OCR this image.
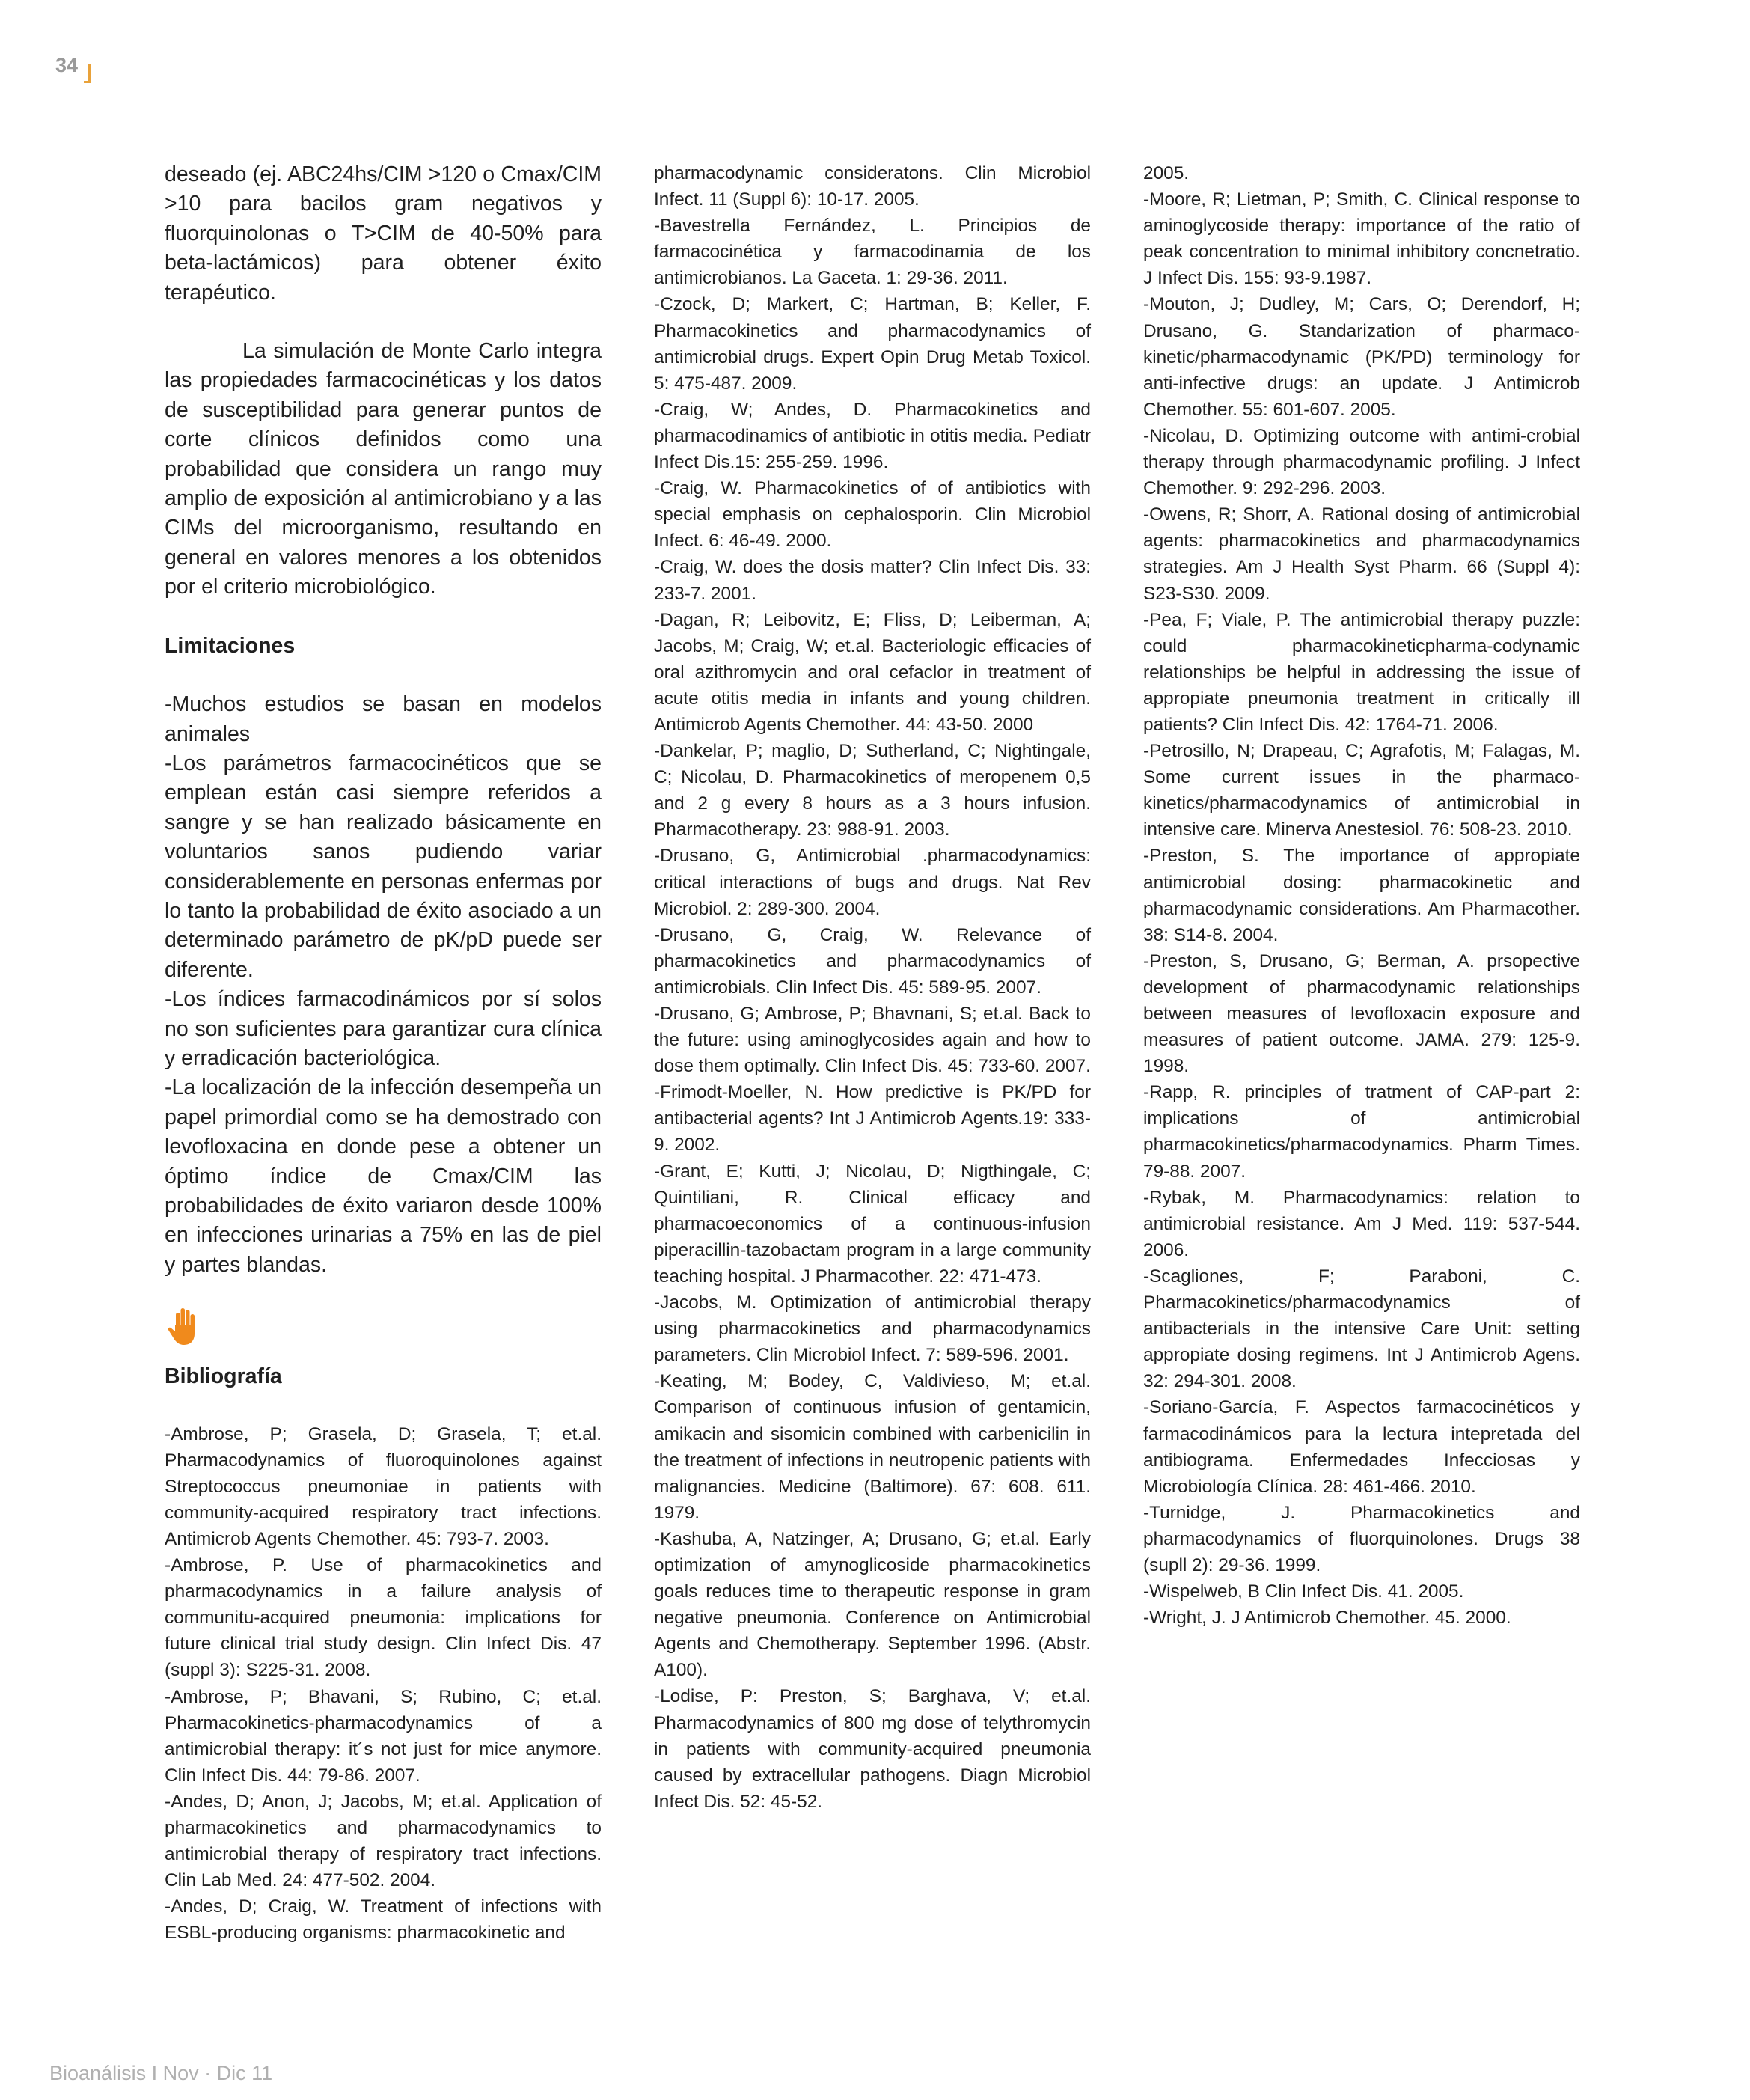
34

deseado (ej. ABC24hs/CIM >120 o Cmax/CIM >10 para bacilos gram negativos y fluorquinolonas o T>CIM de 40-50% para beta-lactámicos) para obtener éxito terapéutico.

La simulación de Monte Carlo integra las propiedades farmacocinéticas y los datos de susceptibilidad para generar puntos de corte clínicos definidos como una probabilidad que considera un rango muy amplio de exposición al antimicrobiano y a las CIMs del microorganismo, resultando en general en valores menores a los obtenidos por el criterio microbiológico.

Limitaciones

-Muchos estudios se basan en modelos animales

-Los parámetros farmacocinéticos que se emplean están casi siempre referidos a sangre y se han realizado básicamente en voluntarios sanos pudiendo variar considerablemente en personas enfermas por lo tanto la probabilidad de éxito asociado a un determinado parámetro de pK/pD puede ser diferente.

-Los índices farmacodinámicos por sí solos no son suficientes para garantizar cura clínica y erradicación bacteriológica.

-La localización de la infección desempeña un papel primordial como se ha demostrado con levofloxacina en donde pese a obtener un óptimo índice de Cmax/CIM las probabilidades de éxito variaron desde 100% en infecciones urinarias a 75% en las de piel y partes blandas.

Bibliografía

-Ambrose, P; Grasela, D; Grasela, T; et.al. Pharmacodynamics of fluoroquinolones against Streptococcus pneumoniae in patients with community-acquired respiratory tract infections. Antimicrob Agents Chemother. 45: 793-7. 2003.

-Ambrose, P. Use of pharmacokinetics and pharmacodynamics in a failure analysis of communitu-acquired pneumonia: implications for future clinical trial study design. Clin Infect Dis. 47 (suppl 3): S225-31. 2008.

-Ambrose, P; Bhavani, S; Rubino, C; et.al. Pharmacokinetics-pharmacodynamics of a antimicrobial therapy: it´s not just for mice anymore. Clin Infect Dis. 44: 79-86. 2007.

-Andes, D; Anon, J; Jacobs, M; et.al. Application of pharmacokinetics and pharmacodynamics to antimicrobial therapy of respiratory tract infections. Clin Lab Med. 24: 477-502. 2004.

-Andes, D; Craig, W. Treatment of infections with ESBL-producing organisms: pharmacokinetic and

pharmacodynamic consideratons. Clin Microbiol Infect. 11 (Suppl 6): 10-17. 2005.

-Bavestrella Fernández, L. Principios de farmacocinética y farmacodinamia de los antimicrobianos. La Gaceta. 1: 29-36. 2011.

-Czock, D; Markert, C; Hartman, B; Keller, F. Pharmacokinetics and pharmacodynamics of antimicrobial drugs. Expert Opin Drug Metab Toxicol. 5: 475-487. 2009.

-Craig, W; Andes, D. Pharmacokinetics and pharmacodinamics of antibiotic in otitis media. Pediatr Infect Dis.15: 255-259. 1996.

-Craig, W. Pharmacokinetics of of antibiotics with special emphasis on cephalosporin. Clin Microbiol Infect. 6: 46-49. 2000.

-Craig, W. does the dosis matter? Clin Infect Dis. 33: 233-7. 2001.

-Dagan, R; Leibovitz, E; Fliss, D; Leiberman, A; Jacobs, M; Craig, W; et.al. Bacteriologic efficacies of oral azithromycin and oral cefaclor in treatment of acute otitis media in infants and young children. Antimicrob Agents Chemother. 44: 43-50. 2000

-Dankelar, P; maglio, D; Sutherland, C; Nightingale, C; Nicolau, D. Pharmacokinetics of meropenem 0,5 and 2 g every 8 hours as a 3 hours infusion. Pharmacotherapy. 23: 988-91. 2003.

-Drusano, G, Antimicrobial .pharmacodynamics: critical interactions of bugs and drugs. Nat Rev Microbiol. 2: 289-300. 2004.

-Drusano, G, Craig, W. Relevance of pharmacokinetics and pharmacodynamics of antimicrobials. Clin Infect Dis. 45: 589-95. 2007.

-Drusano, G; Ambrose, P; Bhavnani, S; et.al. Back to the future: using aminoglycosides again and how to dose them optimally. Clin Infect Dis. 45: 733-60. 2007.

-Frimodt-Moeller, N. How predictive is PK/PD for antibacterial agents? Int J Antimicrob Agents.19: 333-9. 2002.

-Grant, E; Kutti, J; Nicolau, D; Nigthingale, C; Quintiliani, R. Clinical efficacy and pharmacoeconomics of a continuous-infusion piperacillin-tazobactam program in a large community teaching hospital. J Pharmacother. 22: 471-473.

-Jacobs, M. Optimization of antimicrobial therapy using pharmacokinetics and pharmacodynamics parameters. Clin Microbiol Infect. 7: 589-596. 2001.

-Keating, M; Bodey, C, Valdivieso, M; et.al. Comparison of continuous infusion of gentamicin, amikacin and sisomicin combined with carbenicilin in the treatment of infections in neutropenic patients with malignancies. Medicine (Baltimore). 67: 608. 611. 1979.

-Kashuba, A, Natzinger, A; Drusano, G; et.al. Early optimization of amynoglicoside pharmacokinetics goals reduces time to therapeutic response in gram negative pneumonia. Conference on Antimicrobial Agents and Chemotherapy. September 1996. (Abstr. A100).

-Lodise, P: Preston, S; Barghava, V; et.al. Pharmacodynamics of 800 mg dose of telythromycin in patients with community-acquired pneumonia caused by extracellular pathogens. Diagn Microbiol Infect Dis. 52: 45-52.

2005.

-Moore, R; Lietman, P; Smith, C. Clinical response to aminoglycoside therapy: importance of the ratio of peak concentration to minimal inhibitory concnetratio. J Infect Dis. 155: 93-9.1987.

-Mouton, J; Dudley, M; Cars, O; Derendorf, H; Drusano, G. Standarization of pharmaco-kinetic/pharmacodynamic (PK/PD) terminology for anti-infective drugs: an update. J Antimicrob Chemother. 55: 601-607. 2005.

-Nicolau, D. Optimizing outcome with antimi-crobial therapy through pharmacodynamic profiling. J Infect Chemother. 9: 292-296. 2003.

-Owens, R; Shorr, A. Rational dosing of antimicrobial agents: pharmacokinetics and pharmacodynamics strategies. Am J Health Syst Pharm. 66 (Suppl 4): S23-S30. 2009.

-Pea, F; Viale, P. The antimicrobial therapy puzzle: could pharmacokineticpharma-codynamic relationships be helpful in addressing the issue of appropiate pneumonia treatment in critically ill patients? Clin Infect Dis. 42: 1764-71. 2006.

-Petrosillo, N; Drapeau, C; Agrafotis, M; Falagas, M. Some current issues in the pharmaco-kinetics/pharmacodynamics of antimicrobial in intensive care. Minerva Anestesiol. 76: 508-23. 2010.

-Preston, S. The importance of appropiate antimicrobial dosing: pharmacokinetic and pharmacodynamic considerations. Am Pharmacother. 38: S14-8. 2004.

-Preston, S, Drusano, G; Berman, A. prsopective development of pharmacodynamic relationships between measures of levofloxacin exposure and measures of patient outcome. JAMA. 279: 125-9. 1998.

-Rapp, R. principles of tratment of CAP-part 2: implications of antimicrobial pharmacokinetics/pharmacodynamics. Pharm Times. 79-88. 2007.

-Rybak, M. Pharmacodynamics: relation to antimicrobial resistance. Am J Med. 119: 537-544. 2006.

-Scagliones, F; Paraboni, C. Pharmacokinetics/pharmacodynamics of antibacterials in the intensive Care Unit: setting appropiate dosing regimens. Int J Antimicrob Agens. 32: 294-301. 2008.

-Soriano-García, F. Aspectos farmacocinéticos y farmacodinámicos para la lectura intepretada del antibiograma. Enfermedades Infecciosas y Microbiología Clínica. 28: 461-466. 2010.

-Turnidge, J. Pharmacokinetics and pharmacodynamics of fluorquinolones. Drugs 38 (supll 2): 29-36. 1999.

-Wispelweb, B Clin Infect Dis. 41. 2005.

-Wright, J. J Antimicrob Chemother. 45. 2000.

Bioanálisis I Nov · Dic 11
